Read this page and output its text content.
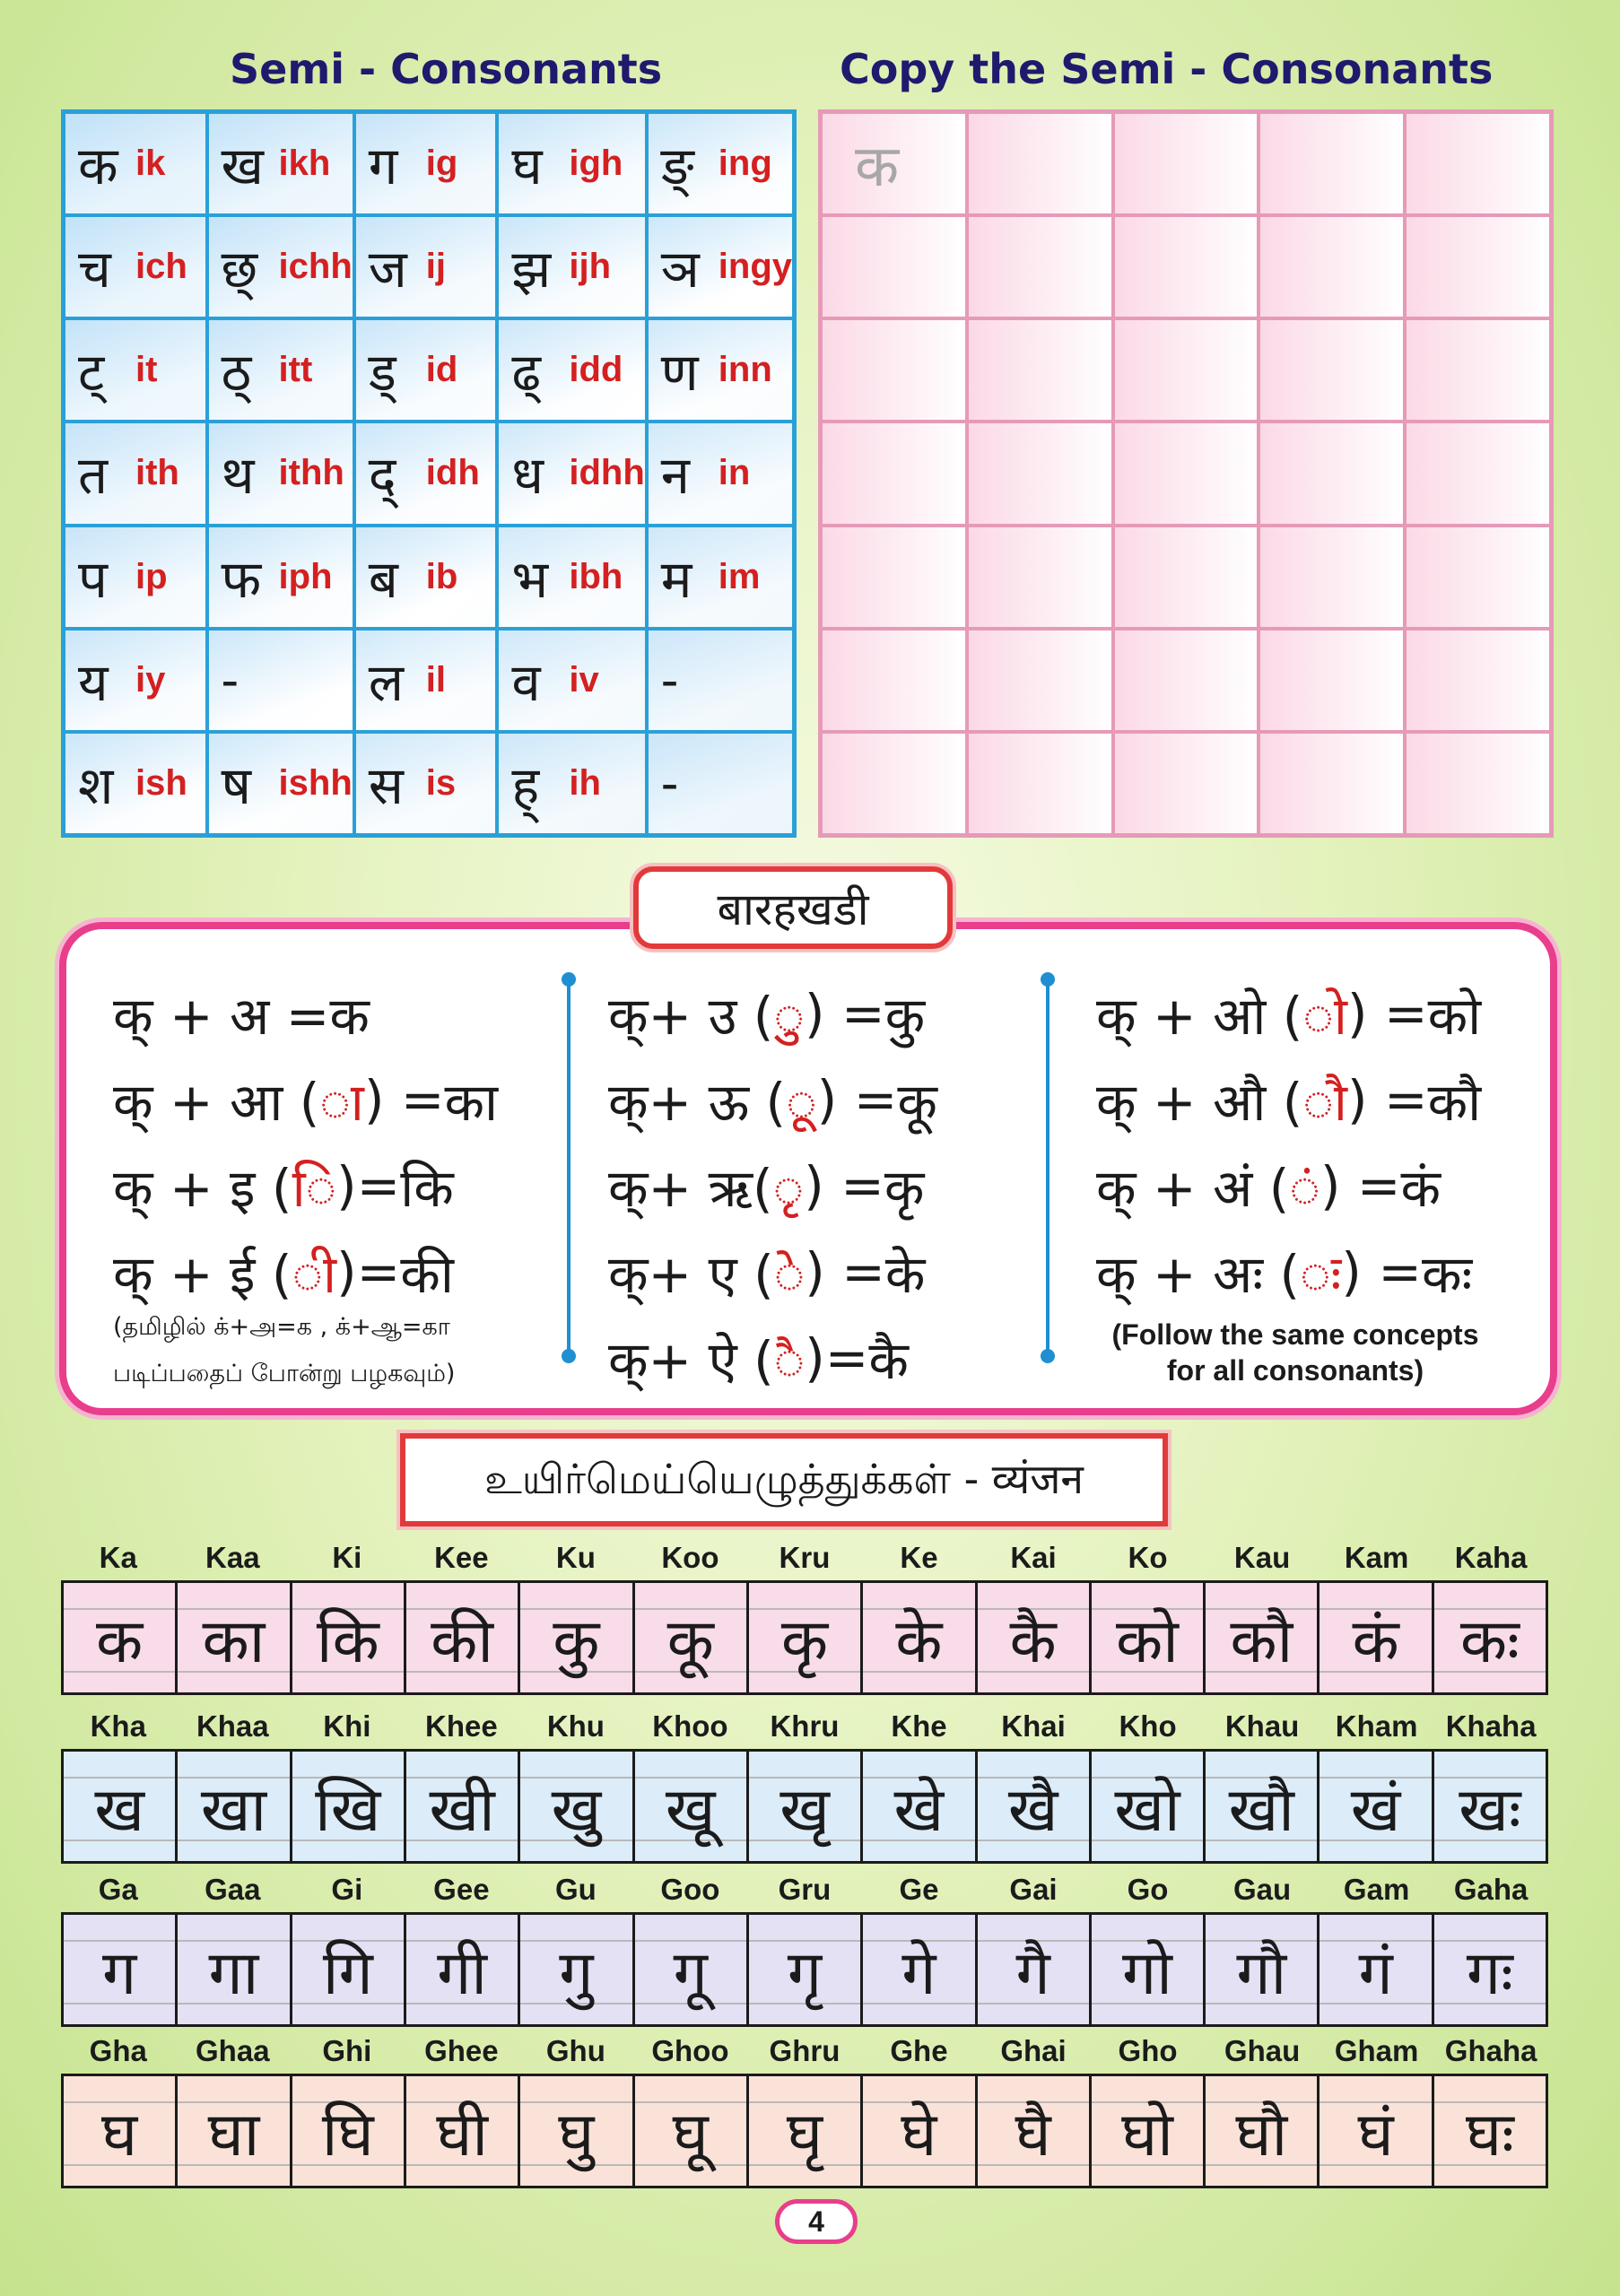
Semi - Consonants	Copy the Semi - Consonants
क ik ख ikh ग ig घ igh ङ् ing
च ich छ् ichh ज ij झ ijh ञ ingy
ट् it ठ् itt ड् id ढ् idd ण inn
त ith थ ithh द् idh ध idhh न in
प ip फ iph ब ib भ ibh म im
य iy -	ल il व iv -
श ish ष ishh स is ह् ih -
क
क् + अ = क
क् + आ ( ा ) = का
क् + इ ( ि )= कि
क् + ई ( ी )= की
क्+ उ ( ु ) = कु
क्+ ऊ ( ू ) = कू
क्+ ऋ( ृ ) = कृ
क्+ ए ( े ) = के
क्+ ऐ ( ै )= कै
क् + ओ ( ो ) = को
क् + औ ( ौ ) = कौ
क् + अं ( ं ) = कं
क् + अः ( ः ) = कः
(தமிழில் க்+அ=க , க்+ஆ=கா
படிப்பதைப் போன்று பழகவும்)
(Follow the same concepts
for all consonants)
बारहखडी
உயிர்மெய்யெழுத்துக்கள் - व्यंजन
Ka	Kaa	Ki	Kee	Ku	Koo	Kru	Ke	Kai	Ko	Kau	Kam	Kaha
क का कि की कु	कू	कृ	के	कै को कौ कं	कः
Kha	Khaa	Khi	Khee	Khu	Khoo	Khru	Khe	Khai	Kho	Khau	Kham Khaha
ख खा खि खी खु	खू	खृ	खे	खै खो खौ खं खः
Ga	Gaa	Gi	Gee	Gu	Goo	Gru	Ge	Gai	Go	Gau	Gam	Gaha
ग	गा	गि	गी	गु	गू	गृ	गे	गै	गो	गौ	गं	गः
Gha	Ghaa	Ghi	Ghee	Ghu	Ghoo	Ghru	Ghe	Ghai	Gho	Ghau	Gham Ghaha
घ	घा	घि	घी	घु	घू	घृ	घे	घै	घो	घौ	घं	घः
4
